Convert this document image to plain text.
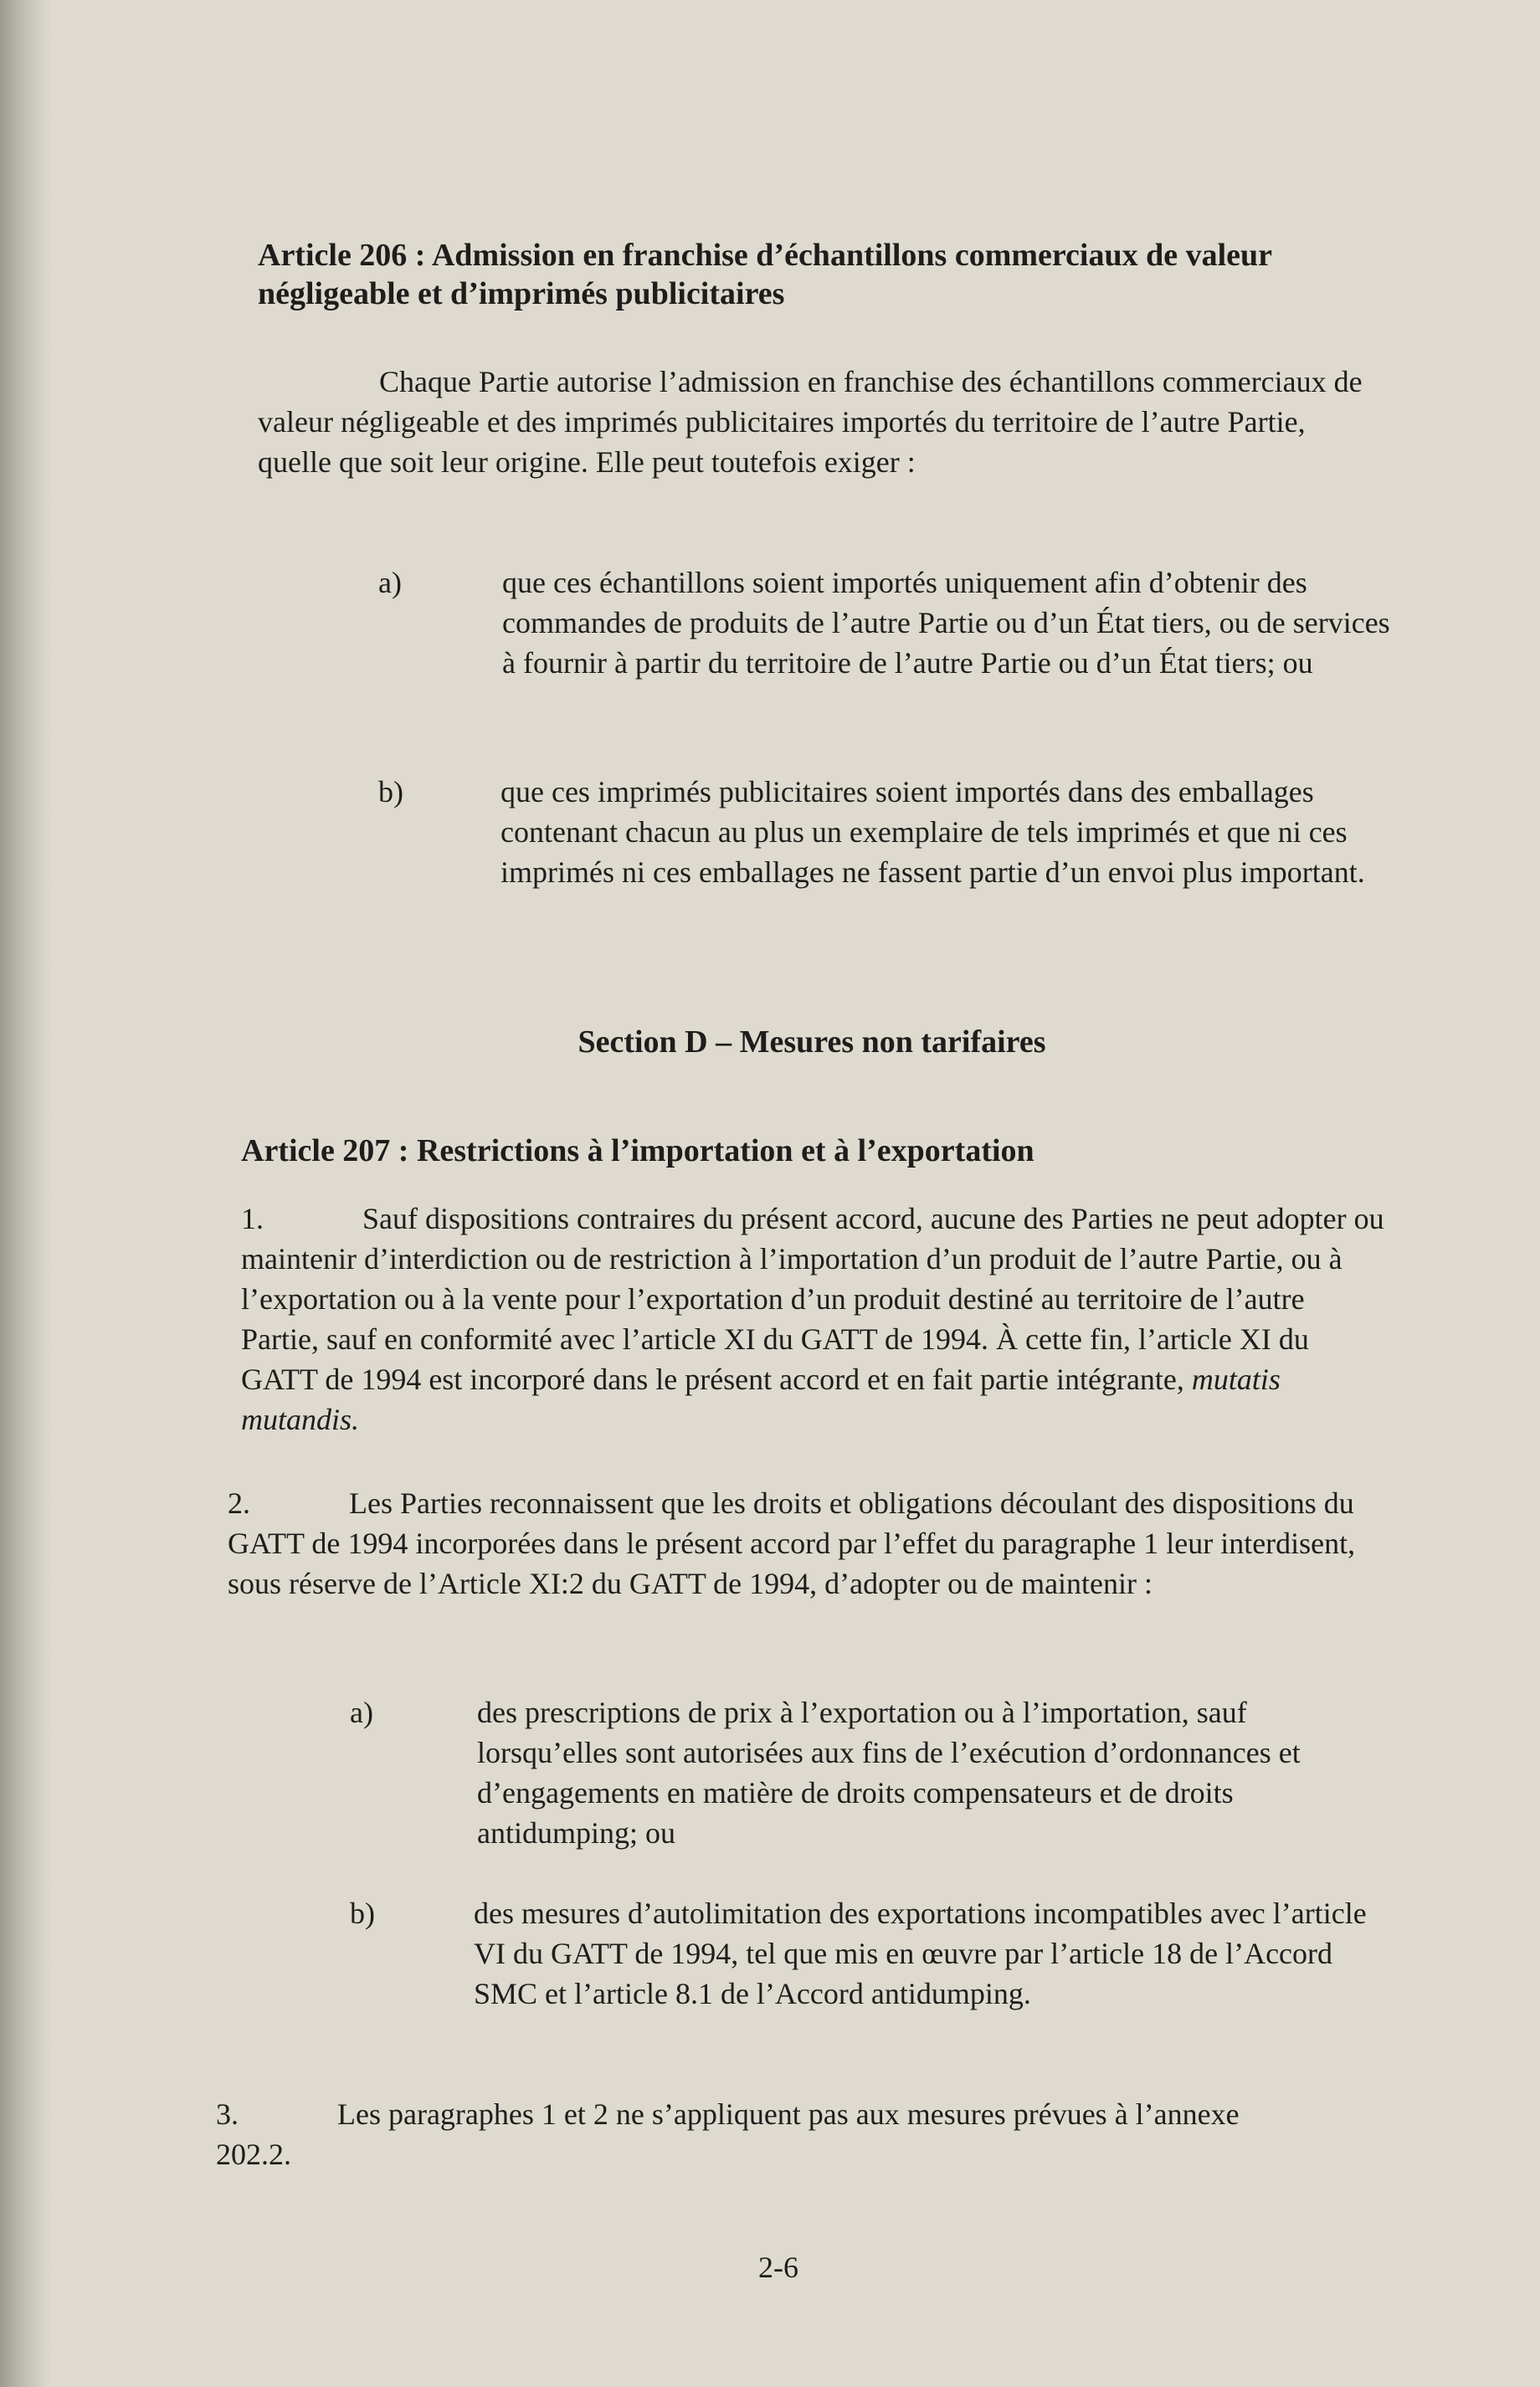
Article 206 : Admission en franchise d’échantillons commerciaux de valeur négligeable et d’imprimés publicitaires

Chaque Partie autorise l’admission en franchise des échantillons commerciaux de valeur négligeable et des imprimés publicitaires importés du territoire de l’autre Partie, quelle que soit leur origine. Elle peut toutefois exiger :

a)	que ces échantillons soient importés uniquement afin d’obtenir des commandes de produits de l’autre Partie ou d’un État tiers, ou de services à fournir à partir du territoire de l’autre Partie ou d’un État tiers; ou

b)	que ces imprimés publicitaires soient importés dans des emballages contenant chacun au plus un exemplaire de tels imprimés et que ni ces imprimés ni ces emballages ne fassent partie d’un envoi plus important.

Section D – Mesures non tarifaires
Article 207 : Restrictions à l’importation et à l’exportation
1.	Sauf dispositions contraires du présent accord, aucune des Parties ne peut adopter ou maintenir d’interdiction ou de restriction à l’importation d’un produit de l’autre Partie, ou à l’exportation ou à la vente pour l’exportation d’un produit destiné au territoire de l’autre Partie, sauf en conformité avec l’article XI du GATT de 1994. À cette fin, l’article XI du GATT de 1994 est incorporé dans le présent accord et en fait partie intégrante, mutatis mutandis.

2.	Les Parties reconnaissent que les droits et obligations découlant des dispositions du GATT de 1994 incorporées dans le présent accord par l’effet du paragraphe 1 leur interdisent, sous réserve de l’Article XI:2 du GATT de 1994, d’adopter ou de maintenir :

a)	des prescriptions de prix à l’exportation ou à l’importation, sauf lorsqu’elles sont autorisées aux fins de l’exécution d’ordonnances et d’engagements en matière de droits compensateurs et de droits antidumping; ou

b)	des mesures d’autolimitation des exportations incompatibles avec l’article VI du GATT de 1994, tel que mis en œuvre par l’article 18 de l’Accord SMC et l’article 8.1 de l’Accord antidumping.

3.	Les paragraphes 1 et 2 ne s’appliquent pas aux mesures prévues à l’annexe 202.2.

2-6
